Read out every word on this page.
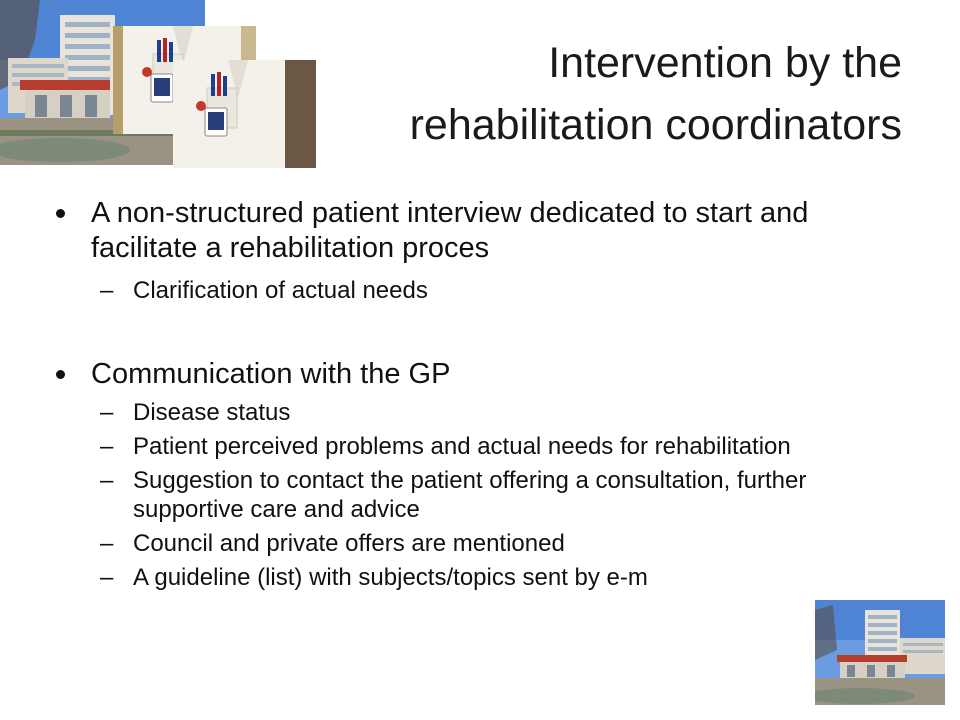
Intervention by the
rehabilitation coordinators
A non-structured patient interview dedicated to start and facilitate a rehabilitation proces
– Clarification of actual needs
Communication with the GP
– Disease status
– Patient perceived problems and actual needs for rehabilitation
– Suggestion to contact the patient offering a consultation, further supportive care and advice
– Council and private offers are mentioned
– A guideline (list) with subjects/topics sent by e-m
